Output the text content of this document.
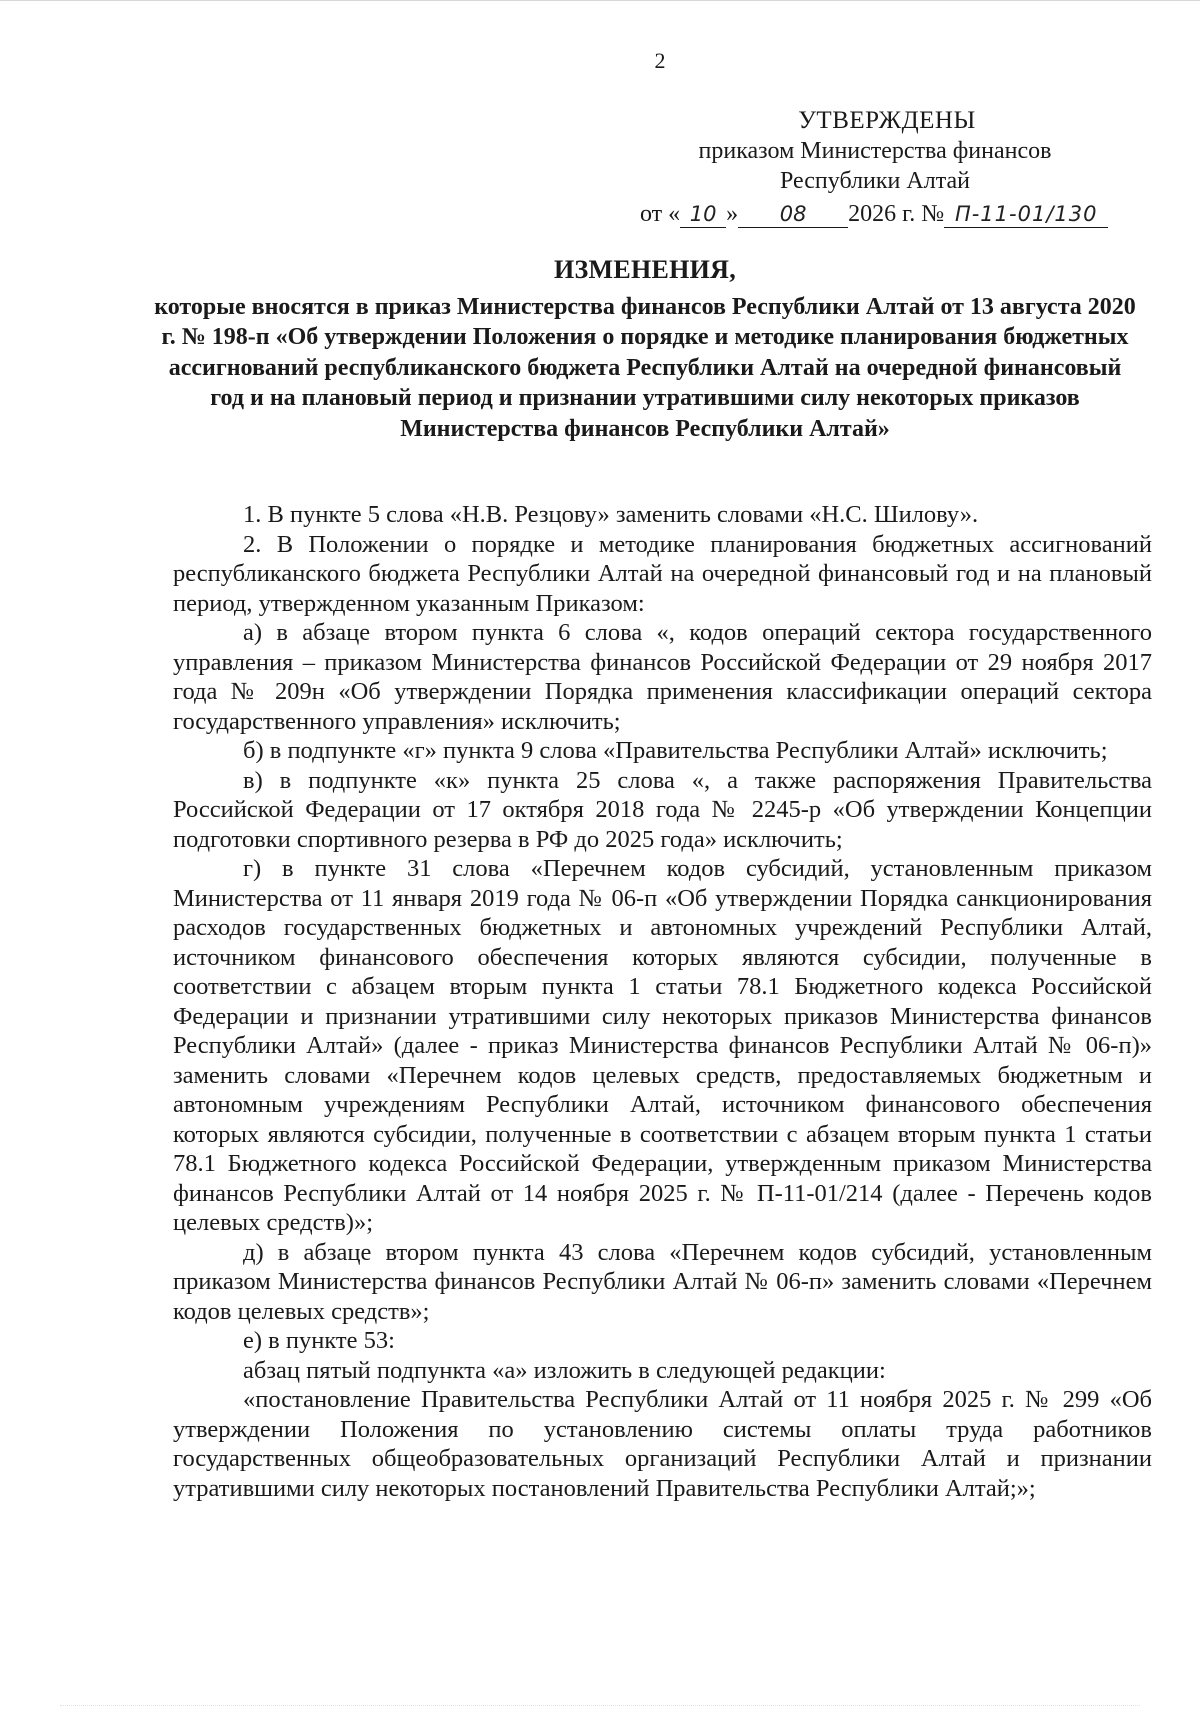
2
УТВЕРЖДЕНЫ
приказом Министерства финансов
Республики Алтай
от « 10 » 08 2026 г. № П-11-01/130
ИЗМЕНЕНИЯ,
которые вносятся в приказ Министерства финансов Республики Алтай от 13 августа 2020 г. № 198-п «Об утверждении Положения о порядке и методике планирования бюджетных ассигнований республиканского бюджета Республики Алтай на очередной финансовый год и на плановый период и признании утратившими силу некоторых приказов Министерства финансов Республики Алтай»

1. В пункте 5 слова «Н.В. Резцову» заменить словами «Н.С. Шилову».

2. В Положении о порядке и методике планирования бюджетных ассигнований республиканского бюджета Республики Алтай на очередной финансовый год и на плановый период, утвержденном указанным Приказом:

а) в абзаце втором пункта 6 слова «, кодов операций сектора государственного управления – приказом Министерства финансов Российской Федерации от 29 ноября 2017 года № 209н «Об утверждении Порядка применения классификации операций сектора государственного управления» исключить;

б) в подпункте «г» пункта 9 слова «Правительства Республики Алтай» исключить;

в) в подпункте «к» пункта 25 слова «, а также распоряжения Правительства Российской Федерации от 17 октября 2018 года № 2245-р «Об утверждении Концепции подготовки спортивного резерва в РФ до 2025 года» исключить;

г) в пункте 31 слова «Перечнем кодов субсидий, установленным приказом Министерства от 11 января 2019 года № 06-п «Об утверждении Порядка санкционирования расходов государственных бюджетных и автономных учреждений Республики Алтай, источником финансового обеспечения которых являются субсидии, полученные в соответствии с абзацем вторым пункта 1 статьи 78.1 Бюджетного кодекса Российской Федерации и признании утратившими силу некоторых приказов Министерства финансов Республики Алтай» (далее - приказ Министерства финансов Республики Алтай № 06-п)» заменить словами «Перечнем кодов целевых средств, предоставляемых бюджетным и автономным учреждениям Республики Алтай, источником финансового обеспечения которых являются субсидии, полученные в соответствии с абзацем вторым пункта 1 статьи 78.1 Бюджетного кодекса Российской Федерации, утвержденным приказом Министерства финансов Республики Алтай от 14 ноября 2025 г. № П-11-01/214 (далее - Перечень кодов целевых средств)»;

д) в абзаце втором пункта 43 слова «Перечнем кодов субсидий, установленным приказом Министерства финансов Республики Алтай № 06-п» заменить словами «Перечнем кодов целевых средств»;

е) в пункте 53:

абзац пятый подпункта «а» изложить в следующей редакции:

«постановление Правительства Республики Алтай от 11 ноября 2025 г. № 299 «Об утверждении Положения по установлению системы оплаты труда работников государственных общеобразовательных организаций Республики Алтай и признании утратившими силу некоторых постановлений Правительства Республики Алтай;»;
